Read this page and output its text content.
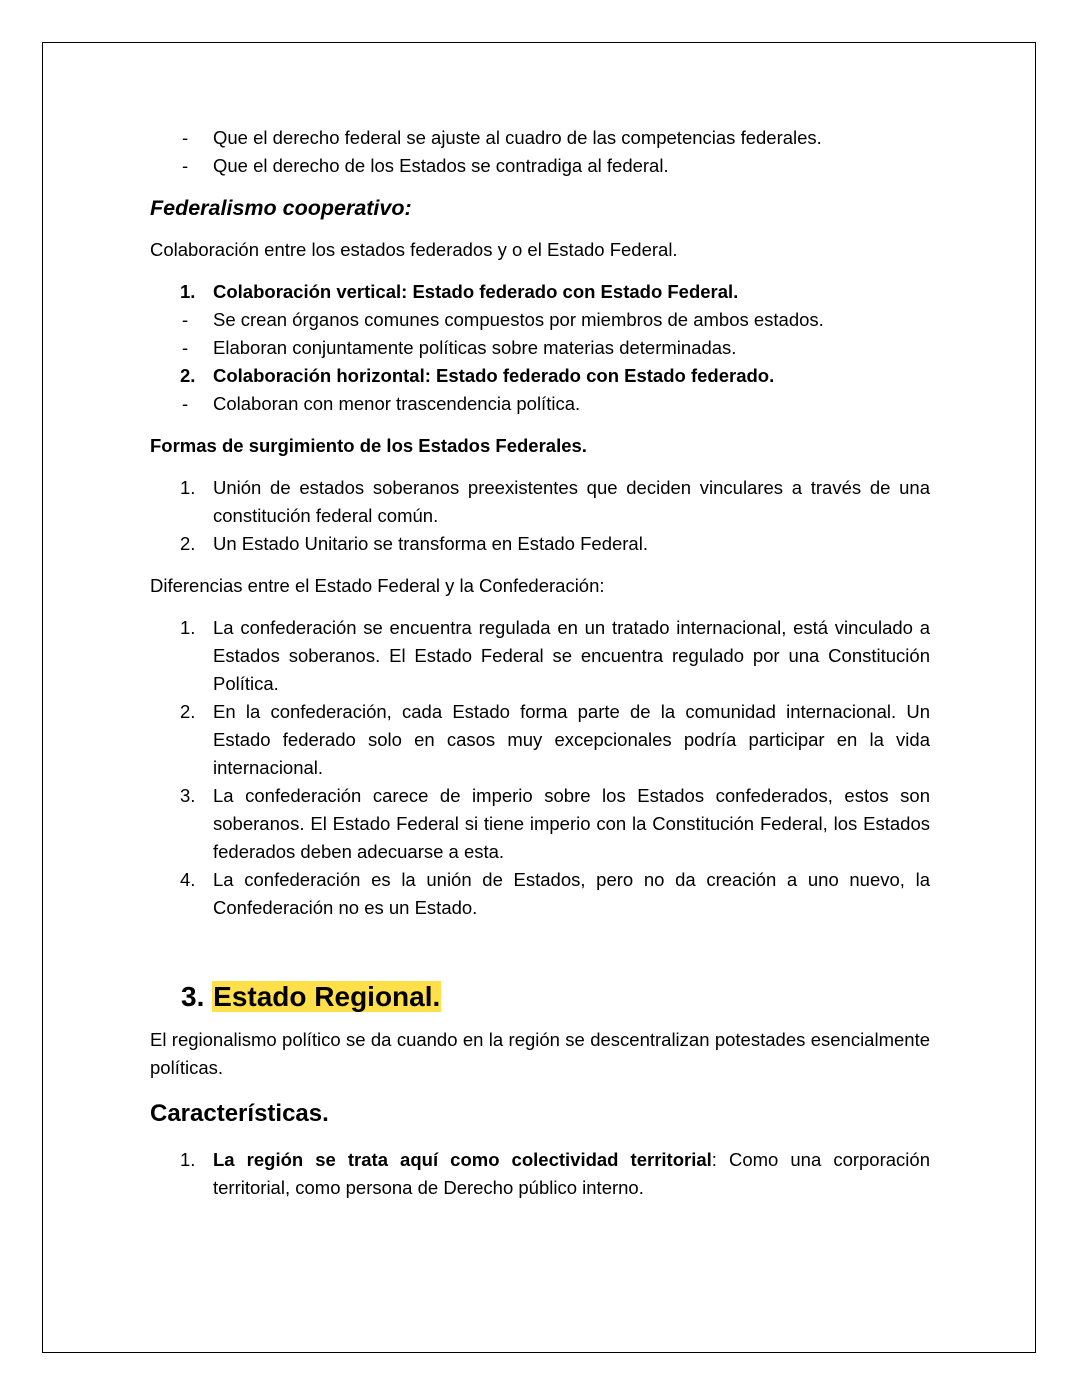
- Que el derecho federal se ajuste al cuadro de las competencias federales.
- Que el derecho de los Estados se contradiga al federal.
Federalismo cooperativo:
Colaboración entre los estados federados y o el Estado Federal.
1. Colaboración vertical: Estado federado con Estado Federal.
- Se crean órganos comunes compuestos por miembros de ambos estados.
- Elaboran conjuntamente políticas sobre materias determinadas.
2. Colaboración horizontal: Estado federado con Estado federado.
- Colaboran con menor trascendencia política.
Formas de surgimiento de los Estados Federales.
1. Unión de estados soberanos preexistentes que deciden vinculares a través de una constitución federal común.
2. Un Estado Unitario se transforma en Estado Federal.
Diferencias entre el Estado Federal y la Confederación:
1. La confederación se encuentra regulada en un tratado internacional, está vinculado a Estados soberanos. El Estado Federal se encuentra regulado por una Constitución Política.
2. En la confederación, cada Estado forma parte de la comunidad internacional. Un Estado federado solo en casos muy excepcionales podría participar en la vida internacional.
3. La confederación carece de imperio sobre los Estados confederados, estos son soberanos. El Estado Federal si tiene imperio con la Constitución Federal, los Estados federados deben adecuarse a esta.
4. La confederación es la unión de Estados, pero no da creación a uno nuevo, la Confederación no es un Estado.
3. Estado Regional.
El regionalismo político se da cuando en la región se descentralizan potestades esencialmente políticas.
Características.
1. La región se trata aquí como colectividad territorial: Como una corporación territorial, como persona de Derecho público interno.
